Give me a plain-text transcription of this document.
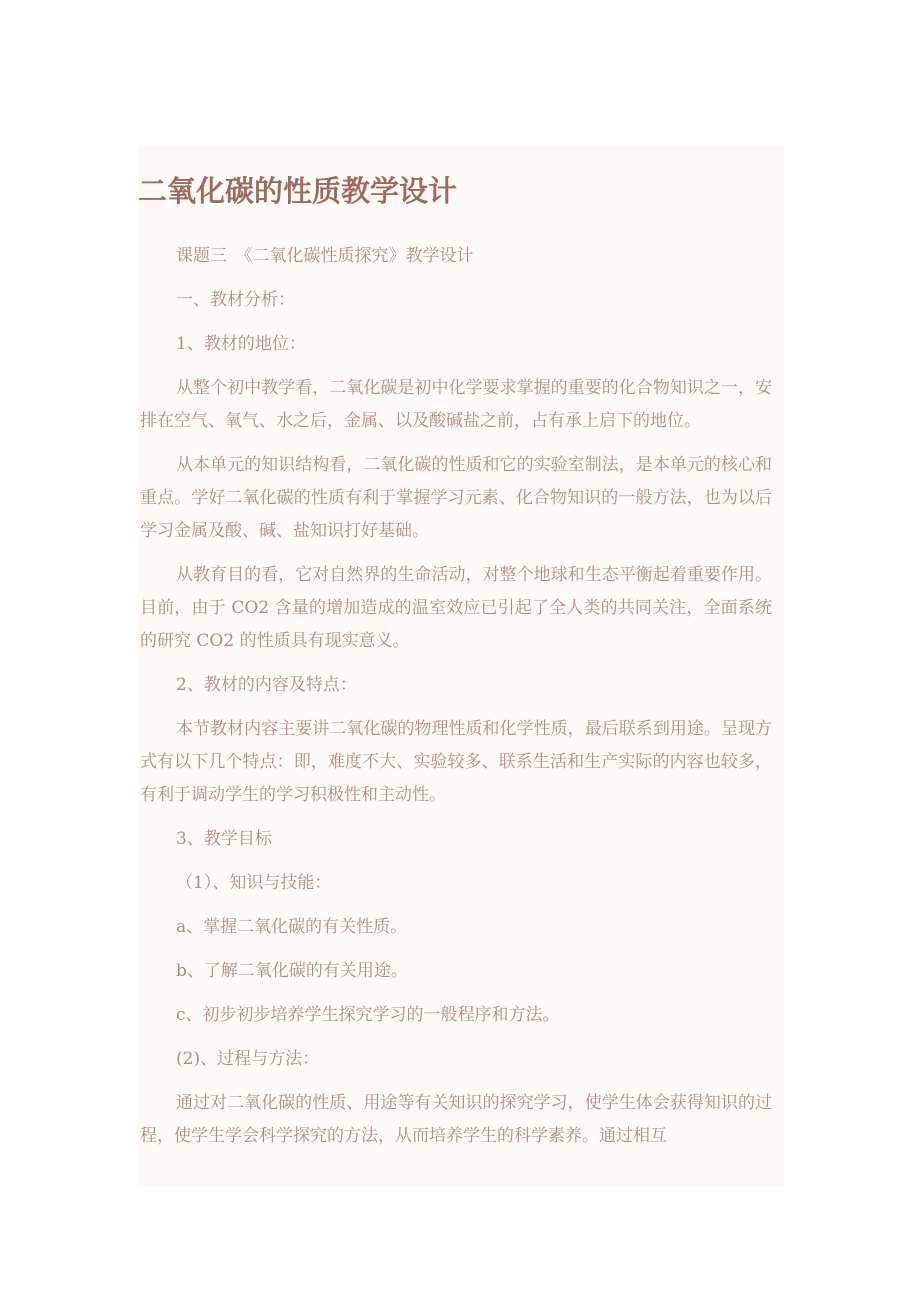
二氧化碳的性质教学设计

课题三　《二氧化碳性质探究》教学设计

一、教材分析：

1、教材的地位：

从整个初中教学看，二氧化碳是初中化学要求掌握的重要的化合物知识之一，安排在空气、氧气、水之后，金属、以及酸碱盐之前，占有承上启下的地位。

从本单元的知识结构看，二氧化碳的性质和它的实验室制法，是本单元的核心和重点。学好二氧化碳的性质有利于掌握学习元素、化合物知识的一般方法，也为以后学习金属及酸、碱、盐知识打好基础。

从教育目的看，它对自然界的生命活动，对整个地球和生态平衡起着重要作用。目前，由于 CO2 含量的增加造成的温室效应已引起了全人类的共同关注，全面系统的研究 CO2 的性质具有现实意义。

2、教材的内容及特点：

本节教材内容主要讲二氧化碳的物理性质和化学性质，最后联系到用途。呈现方式有以下几个特点：即，难度不大、实验较多、联系生活和生产实际的内容也较多，有利于调动学生的学习积极性和主动性。

3、教学目标

（1）、知识与技能：

a、掌握二氧化碳的有关性质。

b、了解二氧化碳的有关用途。

c、初步初步培养学生探究学习的一般程序和方法。

(2)、过程与方法：

通过对二氧化碳的性质、用途等有关知识的探究学习，使学生体会获得知识的过程，使学生学会科学探究的方法，从而培养学生的科学素养。通过相互
